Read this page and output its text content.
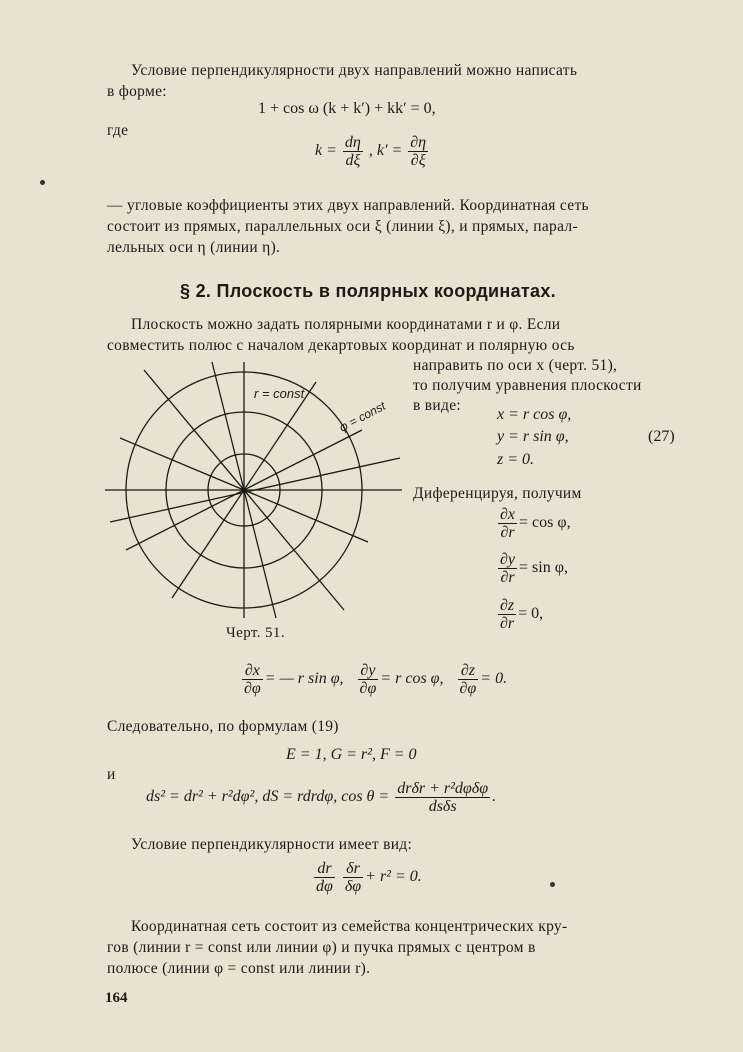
Условие перпендикулярности двух направлений можно написать
в форме:
1 + cos ω (k + k′) + kk′ = 0,
где
$k = \frac{d\eta}{d\xi}$ , $k' = \frac{\partial\eta}{\partial\xi}$
— угловые коэффициенты этих двух направлений. Координатная сеть
состоит из прямых, параллельных оси ξ (линии ξ), и прямых, парал-
лельных оси η (линии η).
§ 2. Плоскость в полярных координатах.
Плоскость можно задать полярными координатами r и φ. Если
совместить полюс с началом декартовых координат и полярную ось
направить по оси x (черт. 51),
то получим уравнения плоскости
в виде:
x = r cos φ,
y = r sin φ,
z = 0.
(27)
Диференцируя, получим
$\frac{\partial x}{\partial r} = \cos \varphi$,
$\frac{\partial y}{\partial r} = \sin \varphi$,
$\frac{\partial z}{\partial r} = 0$,
r = const
φ = const
Черт. 51.
$\frac{\partial x}{\partial\varphi}$ = — r sin φ, $\frac{\partial y}{\partial\varphi} = r$ cos φ, $\frac{\partial z}{\partial\varphi} = 0$.
Следовательно, по формулам (19)
E = 1, G = r², F = 0
и
ds² = dr² + r²dφ², dS = rdrdφ, $\cos \theta = \frac{\text{drδr + r²dφδφ}}{\text{dsδs}}$ .
Условие перпендикулярности имеет вид:
$\frac{dr}{d\varphi}$
$\frac{\delta r}{\delta\varphi} + r^2 = 0$.
Координатная сеть состоит из семейства концентрических кру-
гов (линии r = const или линии φ) и пучка прямых с центром в
полюсе (линии φ = const или линии r).
164
